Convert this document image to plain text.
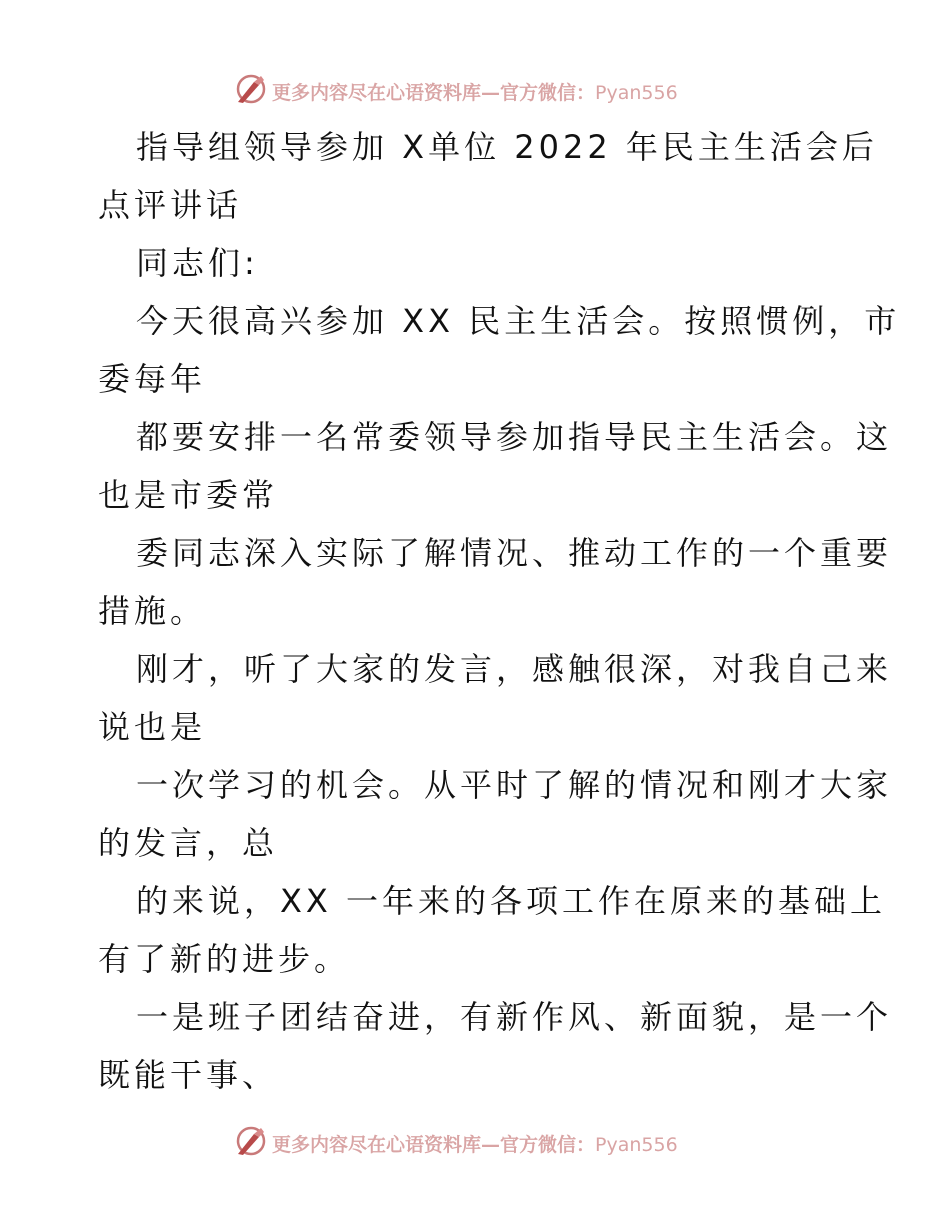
更多内容尽在心语资料库—官方微信：Pyan556
指导组领导参加 X单位 2022 年民主生活会后
点评讲话
同志们:
今天很高兴参加 XX 民主生活会。按照惯例，市
委每年
都要安排一名常委领导参加指导民主生活会。这
也是市委常
委同志深入实际了解情况、推动工作的一个重要
措施。
刚才，听了大家的发言，感触很深，对我自己来
说也是
一次学习的机会。从平时了解的情况和刚才大家
的发言，总
的来说，XX 一年来的各项工作在原来的基础上
有了新的进步。
一是班子团结奋进，有新作风、新面貌，是一个
既能干事、
更多内容尽在心语资料库—官方微信：Pyan556
